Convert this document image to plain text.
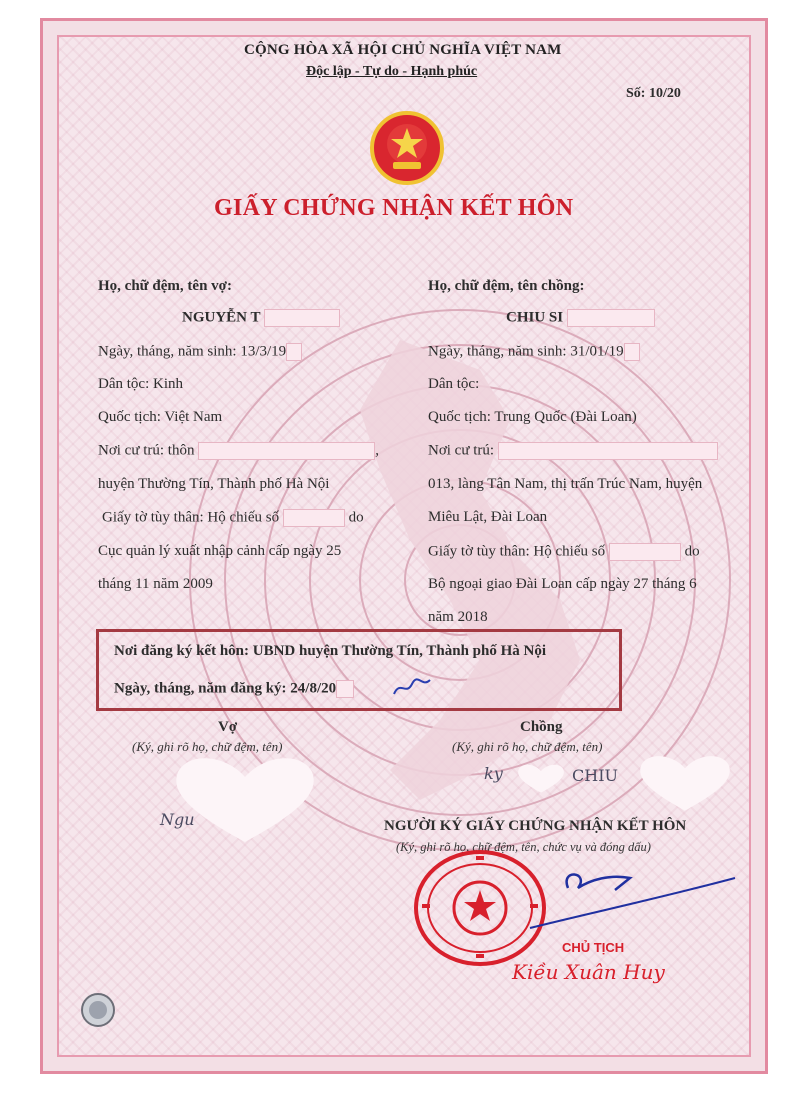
CỘNG HÒA XÃ HỘI CHỦ NGHĨA VIỆT NAM
Độc lập - Tự do - Hạnh phúc
Số: 10/20
GIẤY CHỨNG NHẬN KẾT HÔN
Họ, chữ đệm, tên vợ:
NGUYỄN T
Ngày, tháng, năm sinh: 13/3/19
Dân tộc: Kinh
Quốc tịch: Việt Nam
Nơi cư trú: thôn	,
huyện Thường Tín, Thành phố Hà Nội
Giấy tờ tùy thân: Hộ chiếu số	do
Cục quản lý xuất nhập cảnh cấp ngày 25
tháng 11 năm 2009
Họ, chữ đệm, tên chồng:
CHIU SI
Ngày, tháng, năm sinh: 31/01/19
Dân tộc:
Quốc tịch: Trung Quốc (Đài Loan)
Nơi cư trú:
013, làng Tân Nam, thị trấn Trúc Nam, huyện
Miêu Lật, Đài Loan
Giấy tờ tùy thân: Hộ chiếu số	do
Bộ ngoại giao Đài Loan cấp ngày 27 tháng 6
năm 2018
Nơi đăng ký kết hôn: UBND huyện Thường Tín, Thành phố Hà Nội
Ngày, tháng, năm đăng ký: 24/8/20
Vợ
(Ký, ghi rõ họ, chữ đệm, tên)
Chồng
(Ký, ghi rõ họ, chữ đệm, tên)
Ngu
ky	CHIU
NGƯỜI KÝ GIẤY CHỨNG NHẬN KẾT HÔN
(Ký, ghi rõ họ, chữ đệm, tên, chức vụ và đóng dấu)
CHỦ TỊCH
Kiều Xuân Huy
